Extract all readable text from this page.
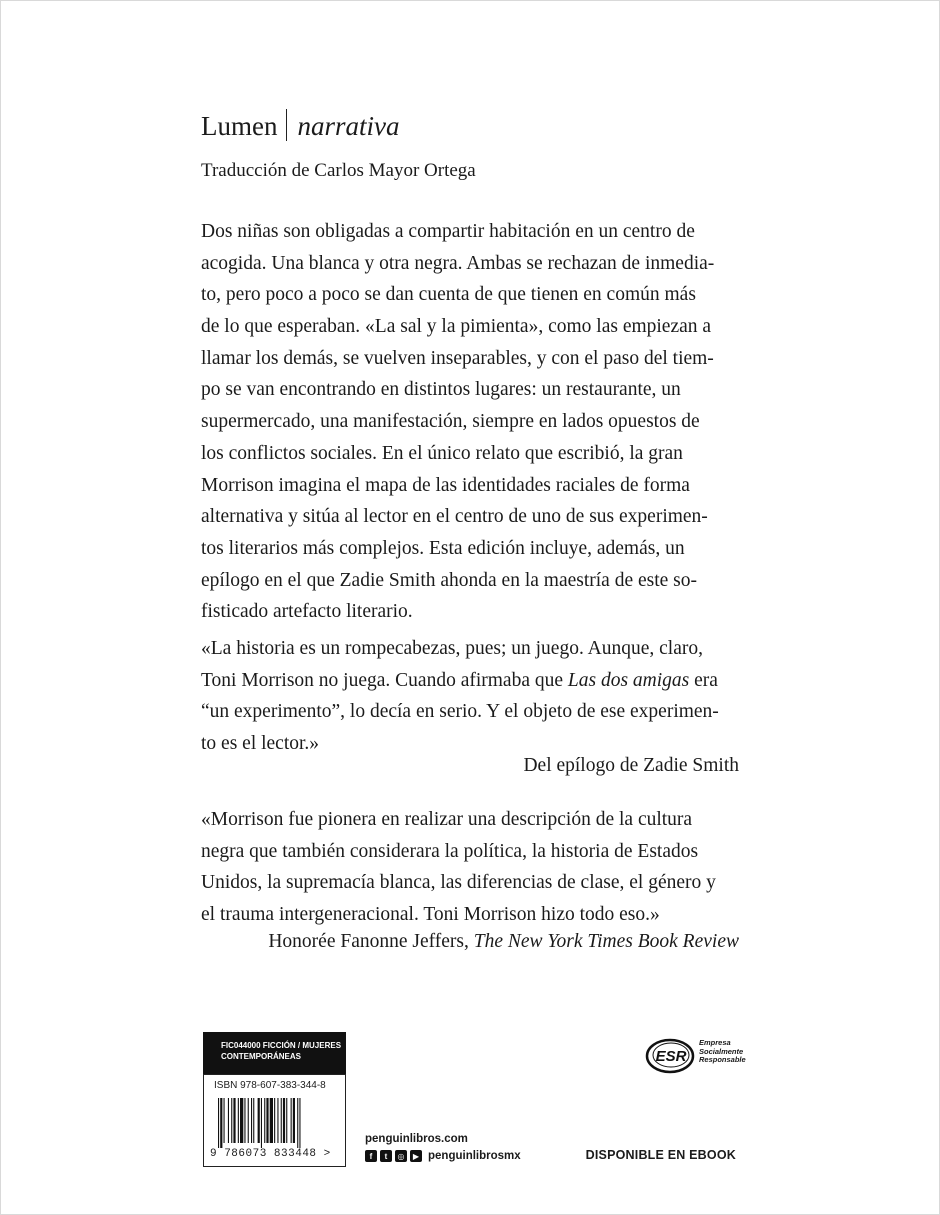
Lumen narrativa
Traducción de Carlos Mayor Ortega
Dos niñas son obligadas a compartir habitación en un centro de
acogida. Una blanca y otra negra. Ambas se rechazan de inmedia-
to, pero poco a poco se dan cuenta de que tienen en común más
de lo que esperaban. «La sal y la pimienta», como las empiezan a
llamar los demás, se vuelven inseparables, y con el paso del tiem-
po se van encontrando en distintos lugares: un restaurante, un
supermercado, una manifestación, siempre en lados opuestos de
los conflictos sociales. En el único relato que escribió, la gran
Morrison imagina el mapa de las identidades raciales de forma
alternativa y sitúa al lector en el centro de uno de sus experimen-
tos literarios más complejos. Esta edición incluye, además, un
epílogo en el que Zadie Smith ahonda en la maestría de este so-
fisticado artefacto literario.
«La historia es un rompecabezas, pues; un juego. Aunque, claro,
Toni Morrison no juega. Cuando afirmaba que Las dos amigas era
“un experimento”, lo decía en serio. Y el objeto de ese experimen-
to es el lector.»
Del epílogo de Zadie Smith
«Morrison fue pionera en realizar una descripción de la cultura
negra que también considerara la política, la historia de Estados
Unidos, la supremacía blanca, las diferencias de clase, el género y
el trauma intergeneracional. Toni Morrison hizo todo eso.»
Honorée Fanonne Jeffers, The New York Times Book Review
FIC044000 FICCIÓN / MUJERES
CONTEMPORÁNEAS
ISBN 978-607-383-344-8
9 786073 833448 >
penguinlibros.com
f	t	◎	▶ penguinlibrosmx
ESR
Empresa
Socialmente
Responsable
DISPONIBLE EN EBOOK
